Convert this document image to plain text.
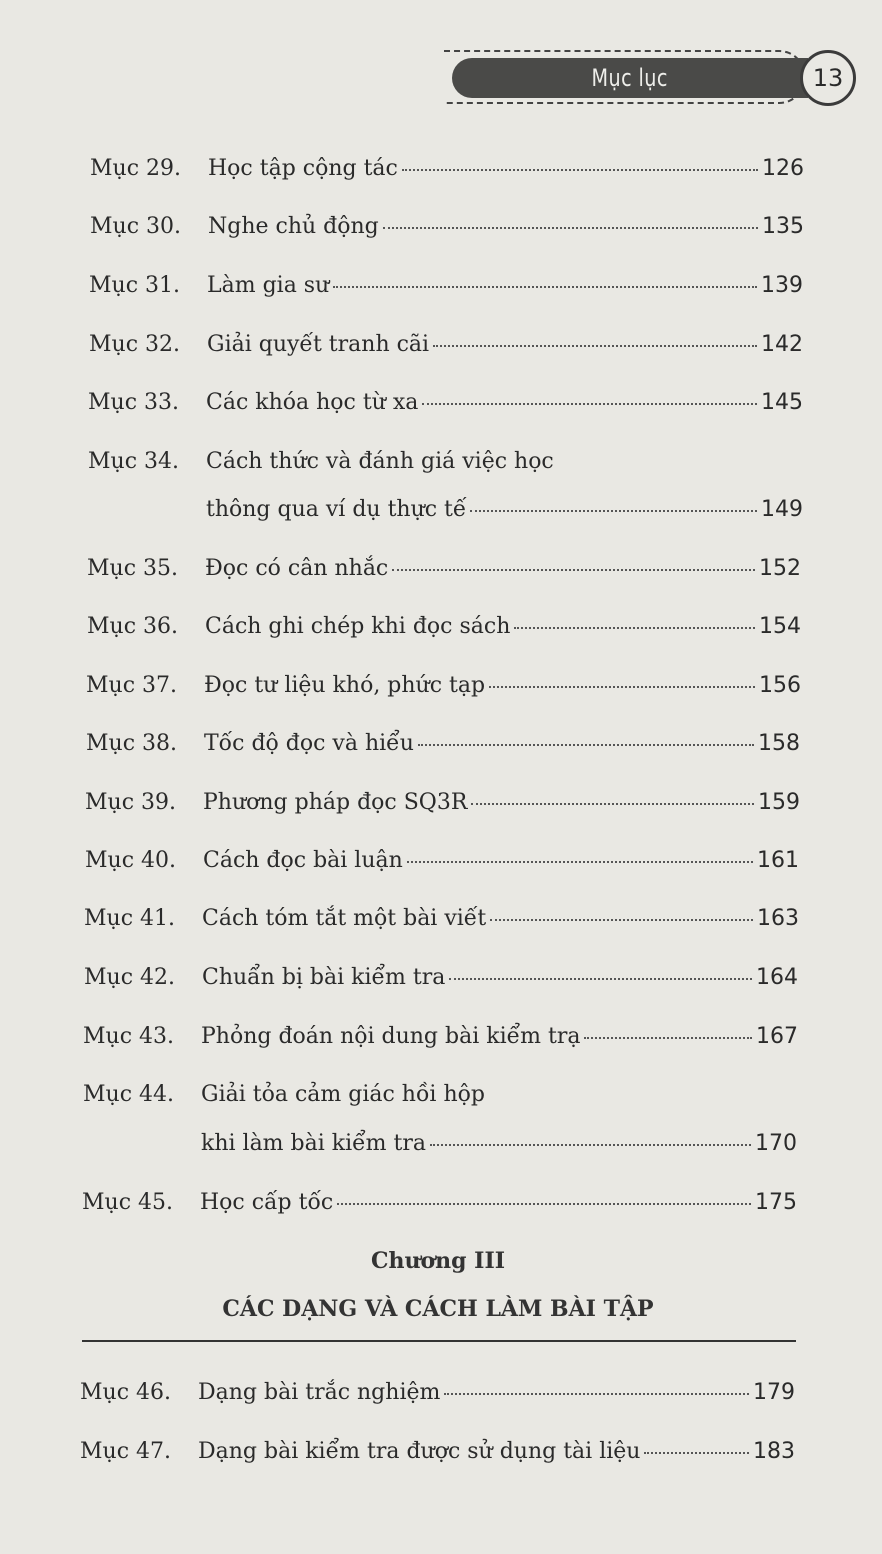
Mục lục	13
Mục 29.	Học tập cộng tác	126
Mục 30.	Nghe chủ động	135
Mục 31.	Làm gia sư	139
Mục 32.	Giải quyết tranh cãi	142
Mục 33.	Các khóa học từ xa	145
Mục 34.	Cách thức và đánh giá việc học
thông qua ví dụ thực tế	149
Mục 35.	Đọc có cân nhắc	152
Mục 36.	Cách ghi chép khi đọc sách	154
Mục 37.	Đọc tư liệu khó, phức tạp	156
Mục 38.	Tốc độ đọc và hiểu	158
Mục 39.	Phương pháp đọc SQ3R	159
Mục 40.	Cách đọc bài luận	161
Mục 41.	Cách tóm tắt một bài viết	163
Mục 42.	Chuẩn bị bài kiểm tra	164
Mục 43.	Phỏng đoán nội dung bài kiểm trạ	167
Mục 44.	Giải tỏa cảm giác hồi hộp
khi làm bài kiểm tra	170
Mục 45.	Học cấp tốc	175
Chương III
CÁC DẠNG VÀ CÁCH LÀM BÀI TẬP
Mục 46.	Dạng bài trắc nghiệm	179
Mục 47.	Dạng bài kiểm tra được sử dụng tài liệu	183
